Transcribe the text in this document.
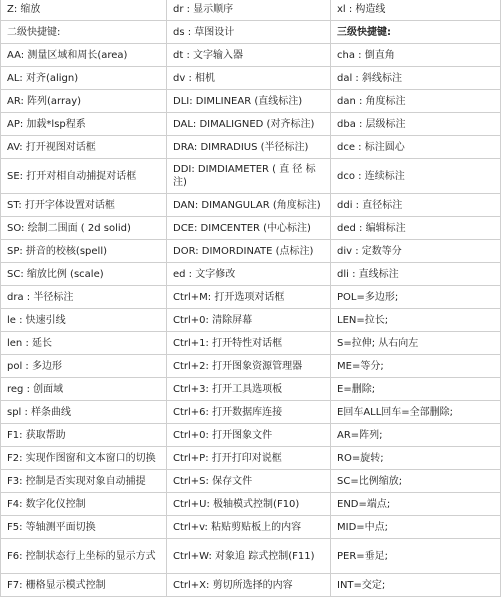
Z: 缩放	dr : 显示顺序	xl : 构造线
二级快捷键:	ds : 草图设计	三级快捷键:
AA: 测量区域和周长(area)	dt : 文字输入器	cha : 倒直角
AL: 对齐(align)	dv : 相机	dal : 斜线标注
AR: 阵列(array)	DLI: DIMLINEAR (直线标注)	dan : 角度标注
AP: 加载*lsp程系	DAL: DIMALIGNED (对齐标注)	dba : 层级标注
AV: 打开视图对话框	DRA: DIMRADIUS (半径标注)	dce : 标注圆心
SE: 打开对相自动捕捉对话框	DDI: DIMDIAMETER ( 直 径 标 注)	dco : 连续标注
ST: 打开字体设置对话框	DAN: DIMANGULAR (角度标注)	ddi : 直径标注
SO: 绘制二围面 ( 2d solid)	DCE: DIMCENTER (中心标注)	ded : 编辑标注
SP: 拼音的校核(spell)	DOR: DIMORDINATE (点标注)	div : 定数等分
SC: 缩放比例 (scale)	ed : 文字修改	dli : 直线标注
dra : 半径标注	Ctrl+M: 打开选项对话框	POL=多边形;
le : 快速引线	Ctrl+0: 清除屏幕	LEN=拉长;
len : 延长	Ctrl+1: 打开特性对话框	S=拉伸; 从右向左
pol : 多边形	Ctrl+2: 打开图象资源管理器	ME=等分;
reg : 创面域	Ctrl+3: 打开工具选项板	E=删除;
spl : 样条曲线	Ctrl+6: 打开数据库连接	E回车ALL回车=全部删除;
F1: 获取帮助	Ctrl+0: 打开图象文件	AR=阵列;
F2: 实现作图窗和文本窗口的切换	Ctrl+P: 打开打印对说框	RO=旋转;
F3: 控制是否实现对象自动捕提	Ctrl+S: 保存文件	SC=比例缩放;
F4: 数字化仪控制	Ctrl+U: 极轴模式控制(F10)	END=端点;
F5: 等轴测平面切换	Ctrl+v: 粘贴剪贴板上的内容	MID=中点;
F6: 控制状态行上坐标的显示方式	Ctrl+W: 对象追 踪式控制(F11)	PER=垂足;
F7: 栅格显示模式控制	Ctrl+X: 剪切所选择的内容	INT=交定;
